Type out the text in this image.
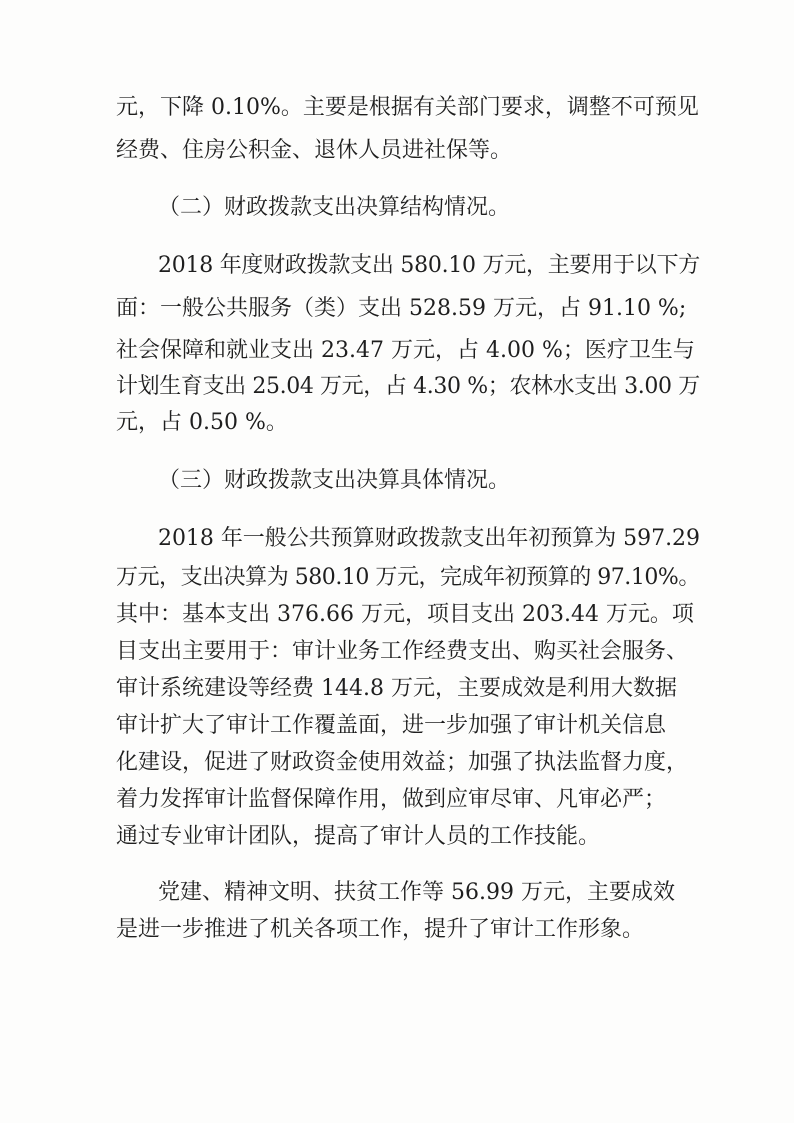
元，下降 0.10%。主要是根据有关部门要求，调整不可预见
经费、住房公积金、退休人员进社保等。
（二）财政拨款支出决算结构情况。
2018 年度财政拨款支出 580.10 万元，主要用于以下方
面：一般公共服务（类）支出 528.59 万元，占 91.10 %;
社会保障和就业支出 23.47 万元，占 4.00 %；医疗卫生与
计划生育支出 25.04 万元，占 4.30 %；农林水支出 3.00 万
元，占 0.50 %。
（三）财政拨款支出决算具体情况。
2018 年一般公共预算财政拨款支出年初预算为 597.29
万元，支出决算为 580.10 万元，完成年初预算的 97.10%。
其中：基本支出 376.66 万元，项目支出 203.44 万元。项
目支出主要用于：审计业务工作经费支出、购买社会服务、
审计系统建设等经费 144.8 万元，主要成效是利用大数据
审计扩大了审计工作覆盖面，进一步加强了审计机关信息
化建设，促进了财政资金使用效益；加强了执法监督力度，
着力发挥审计监督保障作用，做到应审尽审、凡审必严；
通过专业审计团队，提高了审计人员的工作技能。
党建、精神文明、扶贫工作等 56.99 万元，主要成效
是进一步推进了机关各项工作，提升了审计工作形象。
